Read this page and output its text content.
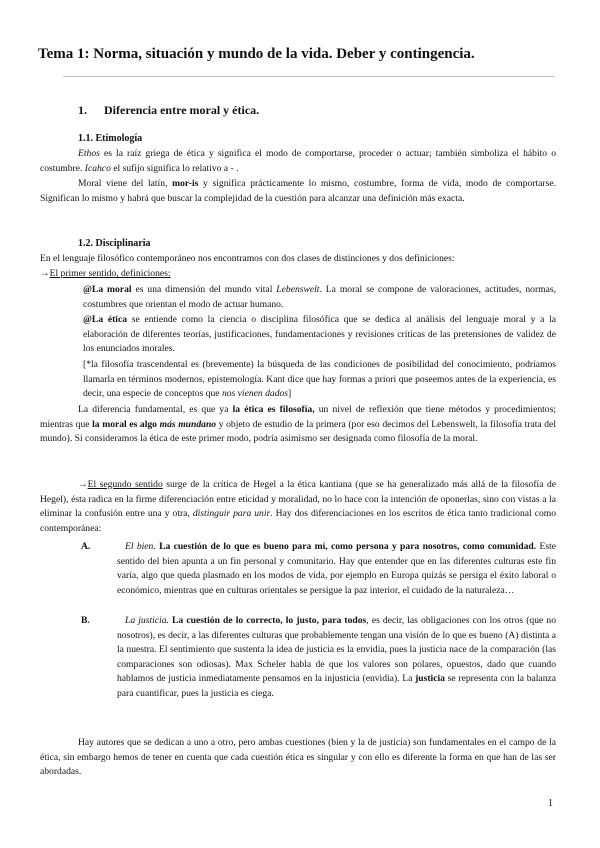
Tema 1: Norma, situación y mundo de la vida. Deber y contingencia.
1. Diferencia entre moral y ética.
1.1. Etimología
Ethos es la raíz griega de ética y significa el modo de comportarse, proceder o actuar; también simboliza el hábito o costumbre. Icahco el sufijo significa lo relativo a - .
Moral viene del latín, mor-is y significa prácticamente lo mismo, costumbre, forma de vida, modo de comportarse. Significan lo mismo y habrá que buscar la complejidad de la cuestión para alcanzar una definición más exacta.
1.2. Disciplinaria
En el lenguaje filosófico contemporáneo nos encontramos con dos clases de distinciones y dos definiciones:
→El primer sentido, definiciones:
@La moral es una dimensión del mundo vital Lebenswelt. La moral se compone de valoraciones, actitudes, normas, costumbres que orientan el modo de actuar humano.
@La ética se entiende como la ciencia o disciplina filosófica que se dedica al análisis del lenguaje moral y a la elaboración de diferentes teorías, justificaciones, fundamentaciones y revisiones críticas de las pretensiones de validez de los enunciados morales.
[*la filosofía trascendental es (brevemente) la búsqueda de las condiciones de posibilidad del conocimiento, podríamos llamarla en términos modernos, epistemología. Kant dice que hay formas a priori que poseemos antes de la experiencia, es decir, una especie de conceptos que nos vienen dados]
La diferencia fundamental, es que ya la ética es filosofía, un nivel de reflexión que tiene métodos y procedimientos; mientras que la moral es algo más mundano y objeto de estudio de la primera (por eso decimos del Lebenswelt, la filosofía trata del mundo). Si consideramos la ética de este primer modo, podría asimismo ser designada como filosofía de la moral.
→El segundo sentido surge de la crítica de Hegel a la ética kantiana (que se ha generalizado más allá de la filosofía de Hegel), ésta radica en la firme diferenciación entre eticidad y moralidad, no lo hace con la intención de oponerlas, sino con vistas a la eliminar la confusión entre una y otra, distinguir para unir. Hay dos diferenciaciones en los escritos de ética tanto tradicional como contemporánea:
A.	El bien. La cuestión de lo que es bueno para mí, como persona y para nosotros, como comunidad. Este sentido del bien apunta a un fin personal y comunitario. Hay que entender que en las diferentes culturas este fin varía, algo que queda plasmado en los modos de vida, por ejemplo en Europa quizás se persiga el éxito laboral o económico, mientras que en culturas orientales se persigue la paz interior, el cuidado de la naturaleza…
B.	La justicia. La cuestión de lo correcto, lo justo, para todos, es decir, las obligaciones con los otros (que no nosotros), es decir, a las diferentes culturas que probablemente tengan una visión de lo que es bueno (A) distinta a la nuestra. El sentimiento que sustenta la idea de justicia es la envidia, pues la justicia nace de la comparación (las comparaciones son odiosas). Max Scheler habla de que los valores son polares, opuestos, dado que cuando hablamos de justicia inmediatamente pensamos en la injusticia (envidia). La justicia se representa con la balanza para cuantificar, pues la justicia es ciega.
Hay autores que se dedican a uno a otro, pero ambas cuestiones (bien y la de justicia) son fundamentales en el campo de la ética, sin embargo hemos de tener en cuenta que cada cuestión ética es singular y con ello es diferente la forma en que han de las ser abordadas.
1
